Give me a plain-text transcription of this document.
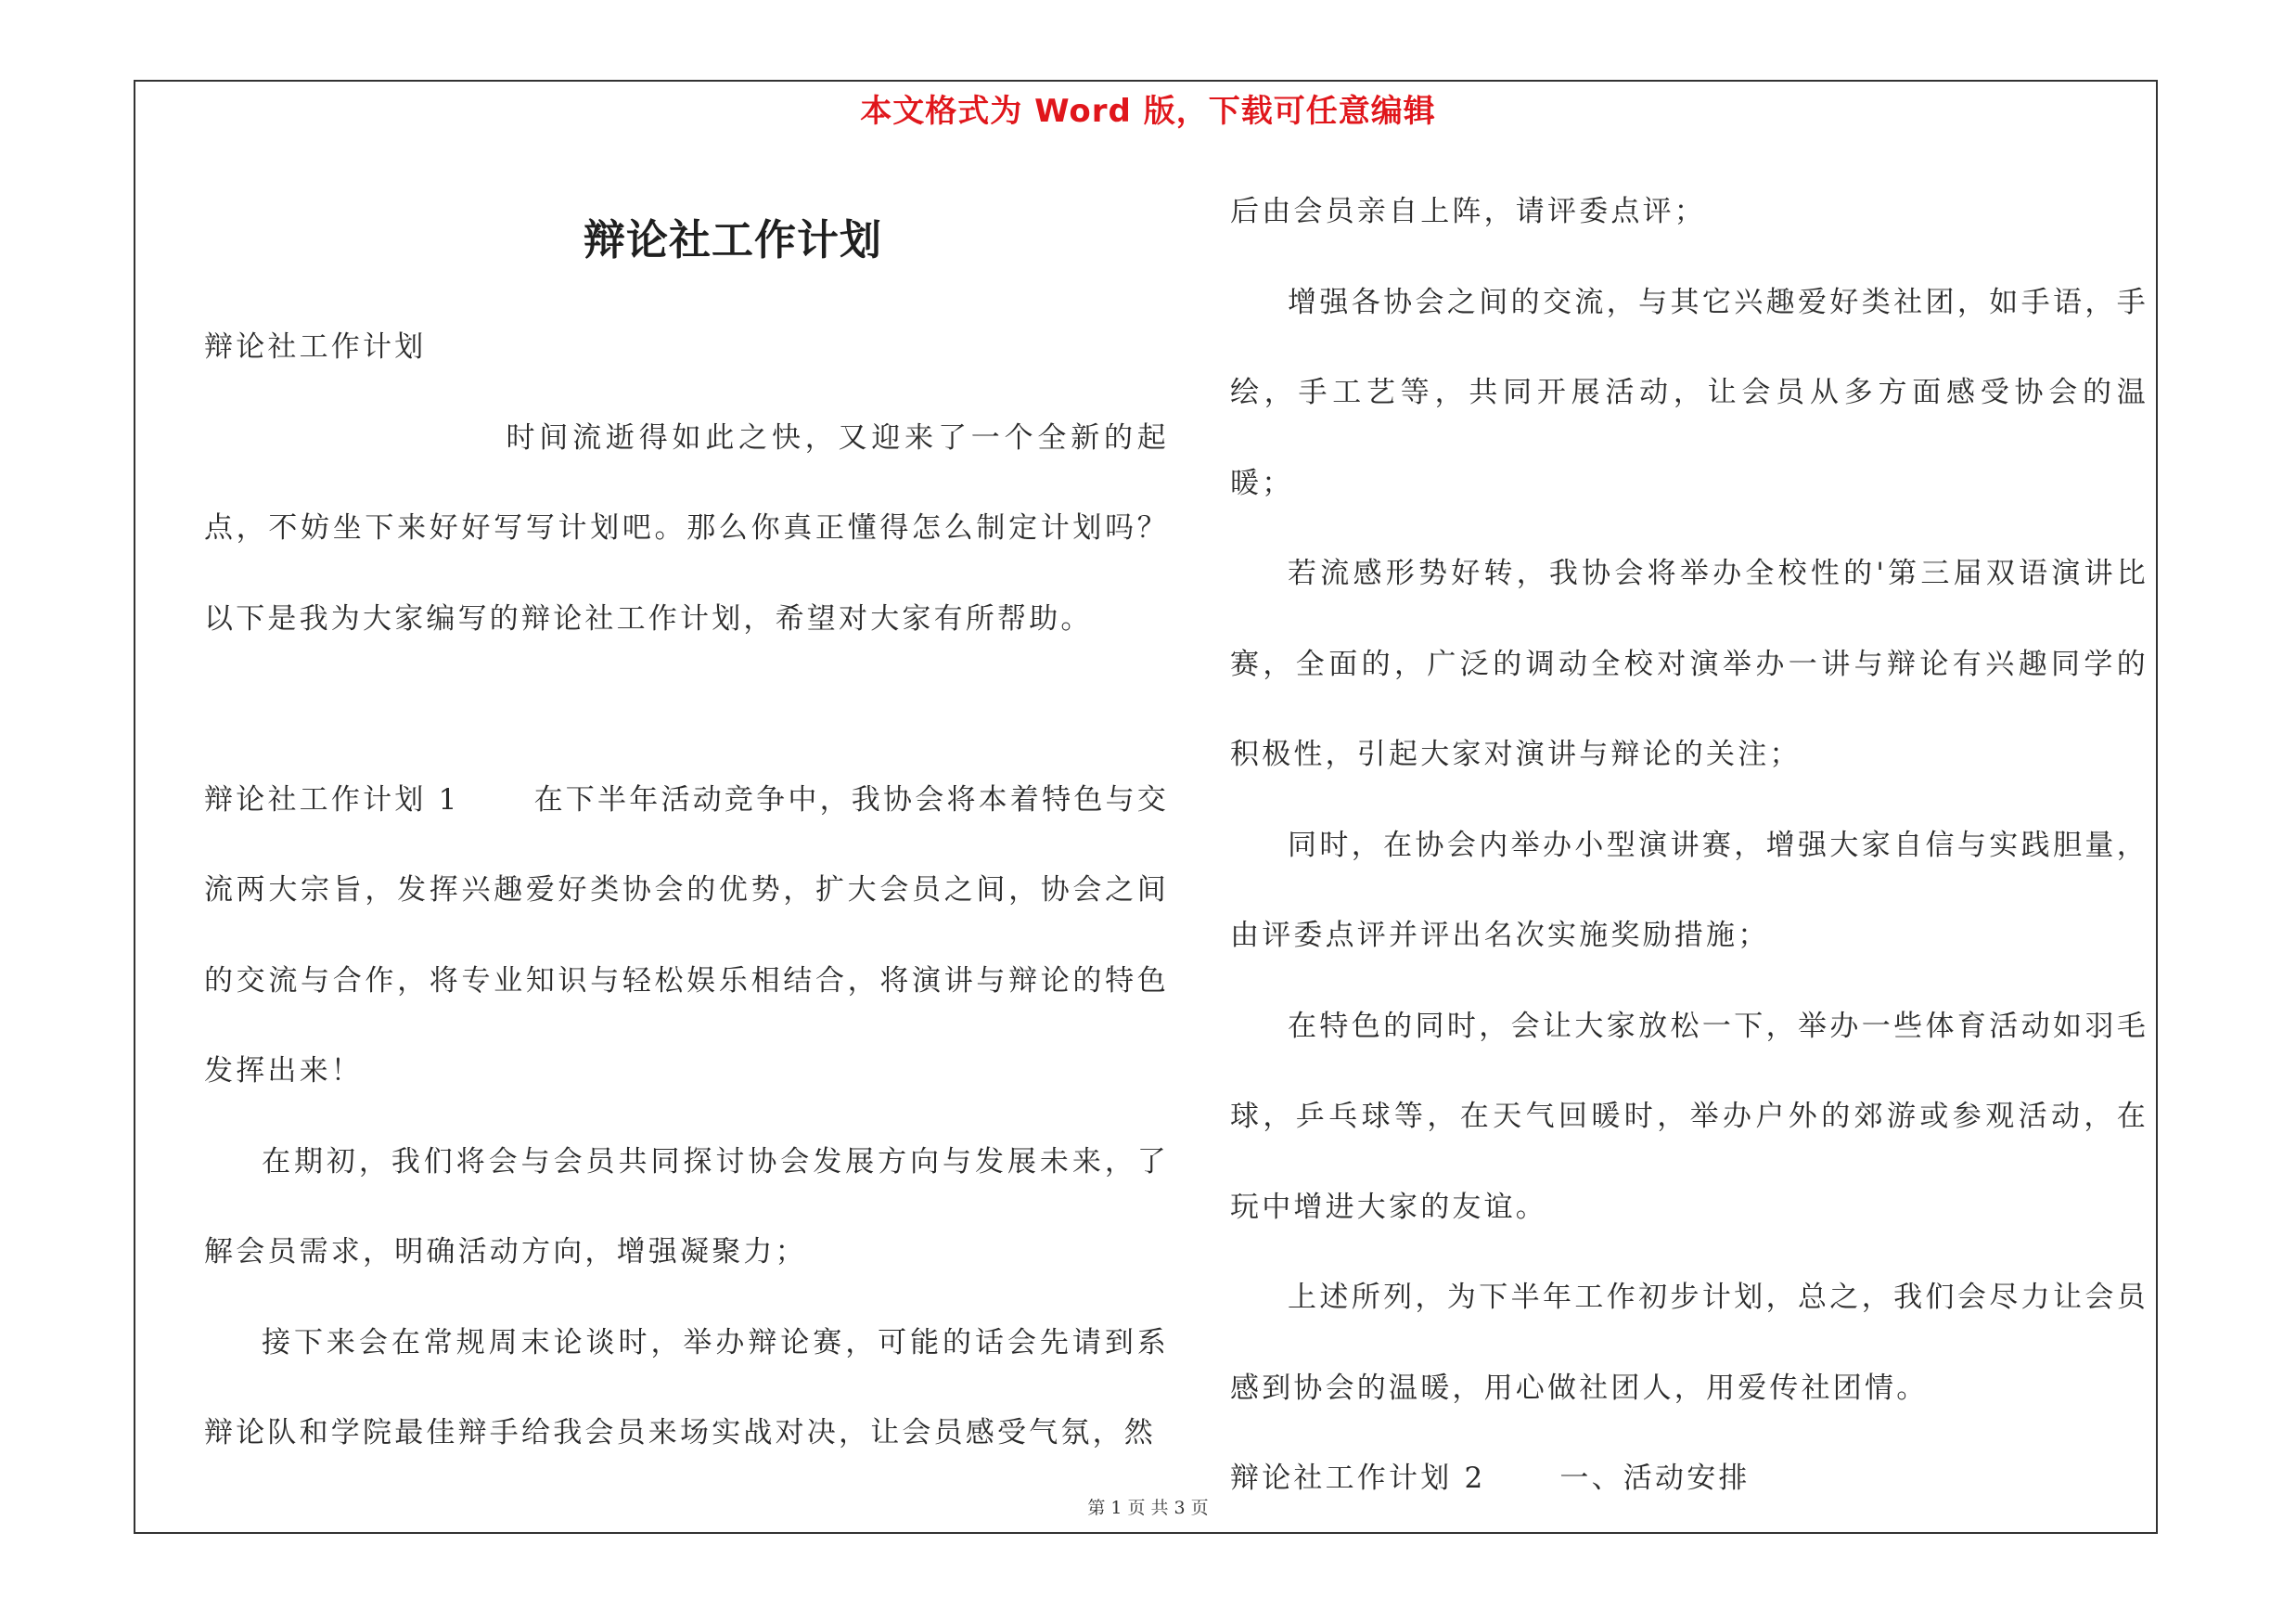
本文格式为 Word 版，下载可任意编辑
辩论社工作计划

辩论社工作计划

时间流逝得如此之快，又迎来了一个全新的起点，不妨坐下来好好写写计划吧。那么你真正懂得怎么制定计划吗？以下是我为大家编写的辩论社工作计划，希望对大家有所帮助。

辩论社工作计划 1	在下半年活动竞争中，我协会将本着特色与交流两大宗旨，发挥兴趣爱好类协会的优势，扩大会员之间，协会之间的交流与合作，将专业知识与轻松娱乐相结合，将演讲与辩论的特色发挥出来！

在期初，我们将会与会员共同探讨协会发展方向与发展未来，了解会员需求，明确活动方向，增强凝聚力；

接下来会在常规周末论谈时，举办辩论赛，可能的话会先请到系辩论队和学院最佳辩手给我会员来场实战对决，让会员感受气氛，然

后由会员亲自上阵，请评委点评；

增强各协会之间的交流，与其它兴趣爱好类社团，如手语，手绘，手工艺等，共同开展活动，让会员从多方面感受协会的温暖；

若流感形势好转，我协会将举办全校性的'第三届双语演讲比赛，全面的，广泛的调动全校对演举办一讲与辩论有兴趣同学的积极性，引起大家对演讲与辩论的关注；

同时，在协会内举办小型演讲赛，增强大家自信与实践胆量，由评委点评并评出名次实施奖励措施；

在特色的同时，会让大家放松一下，举办一些体育活动如羽毛球，乒乓球等，在天气回暖时，举办户外的郊游或参观活动，在玩中增进大家的友谊。

上述所列，为下半年工作初步计划，总之，我们会尽力让会员感到协会的温暖，用心做社团人，用爱传社团情。

辩论社工作计划 2	一、活动安排

第 1 页 共 3 页
